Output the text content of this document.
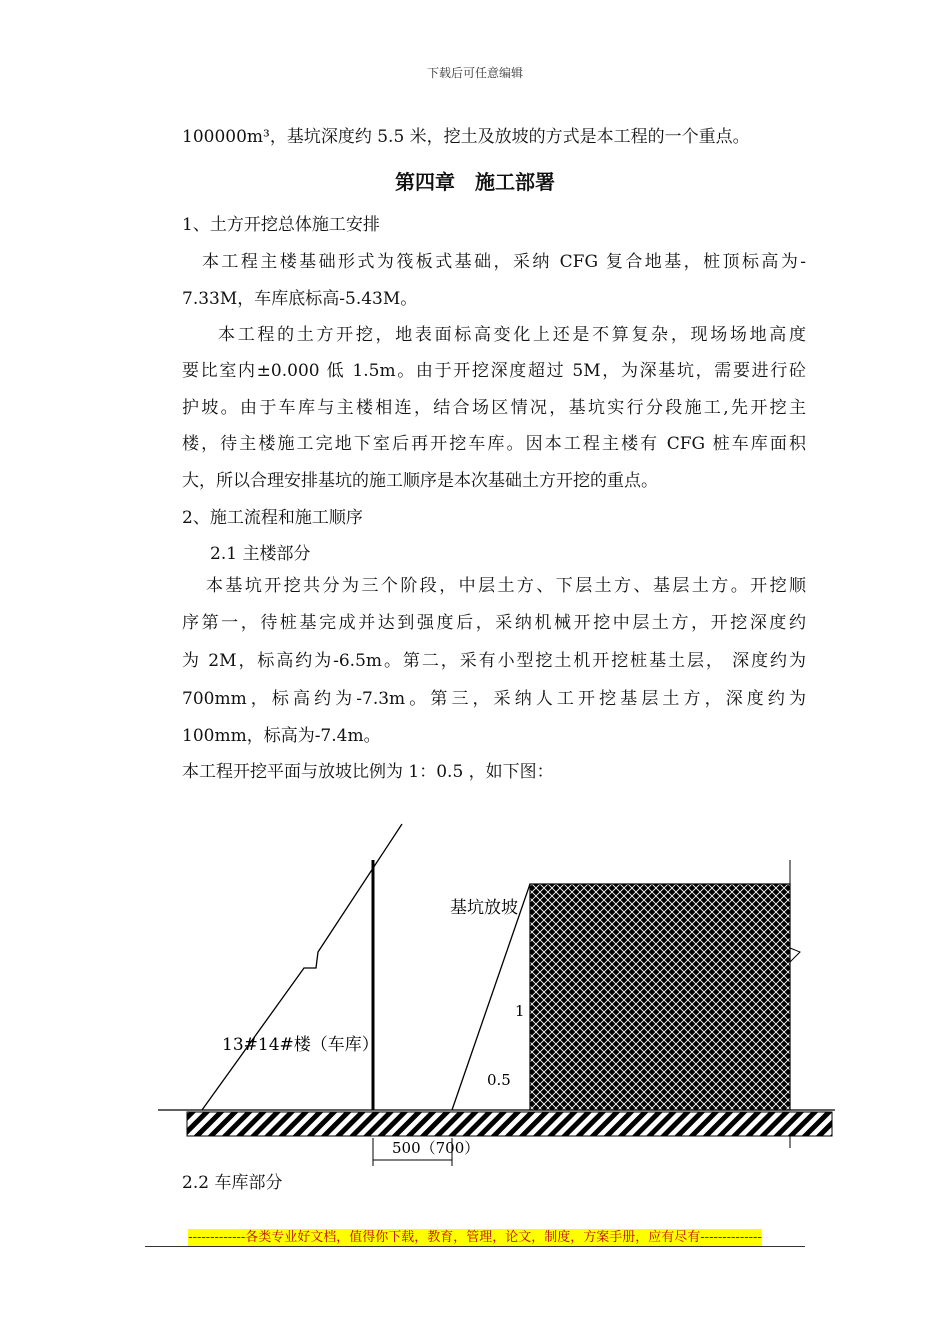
下载后可任意编辑
100000m³，基坑深度约 5.5 米，挖土及放坡的方式是本工程的一个重点。
第四章　施工部署
1、土方开挖总体施工安排
本工程主楼基础形式为筏板式基础，采纳 CFG 复合地基，桩顶标高为-
7.33M，车库底标高-5.43M。
本工程的土方开挖，地表面标高变化上还是不算复杂，现场场地高度
要比室内±0.000 低 1.5m。由于开挖深度超过 5M，为深基坑，需要进行砼
护坡。由于车库与主楼相连，结合场区情况，基坑实行分段施工,先开挖主
楼，待主楼施工完地下室后再开挖车库。因本工程主楼有 CFG 桩车库面积
大，所以合理安排基坑的施工顺序是本次基础土方开挖的重点。
2、施工流程和施工顺序
2.1 主楼部分
本基坑开挖共分为三个阶段，中层土方、下层土方、基层土方。开挖顺
序第一，待桩基完成并达到强度后，采纳机械开挖中层土方，开挖深度约
为 2M，标高约为-6.5m。第二，采有小型挖土机开挖桩基土层， 深度约为
700mm，标高约为-7.3m。第三，采纳人工开挖基层土方，深度约为
100mm，标高为-7.4m。
本工程开挖平面与放坡比例为 1：0.5 ，如下图：
基坑放坡
13#14#楼（车库）
1
0.5
500（700）
2.2 车库部分
-------------各类专业好文档，值得你下载，教育，管理，论文，制度，方案手册，应有尽有--------------
